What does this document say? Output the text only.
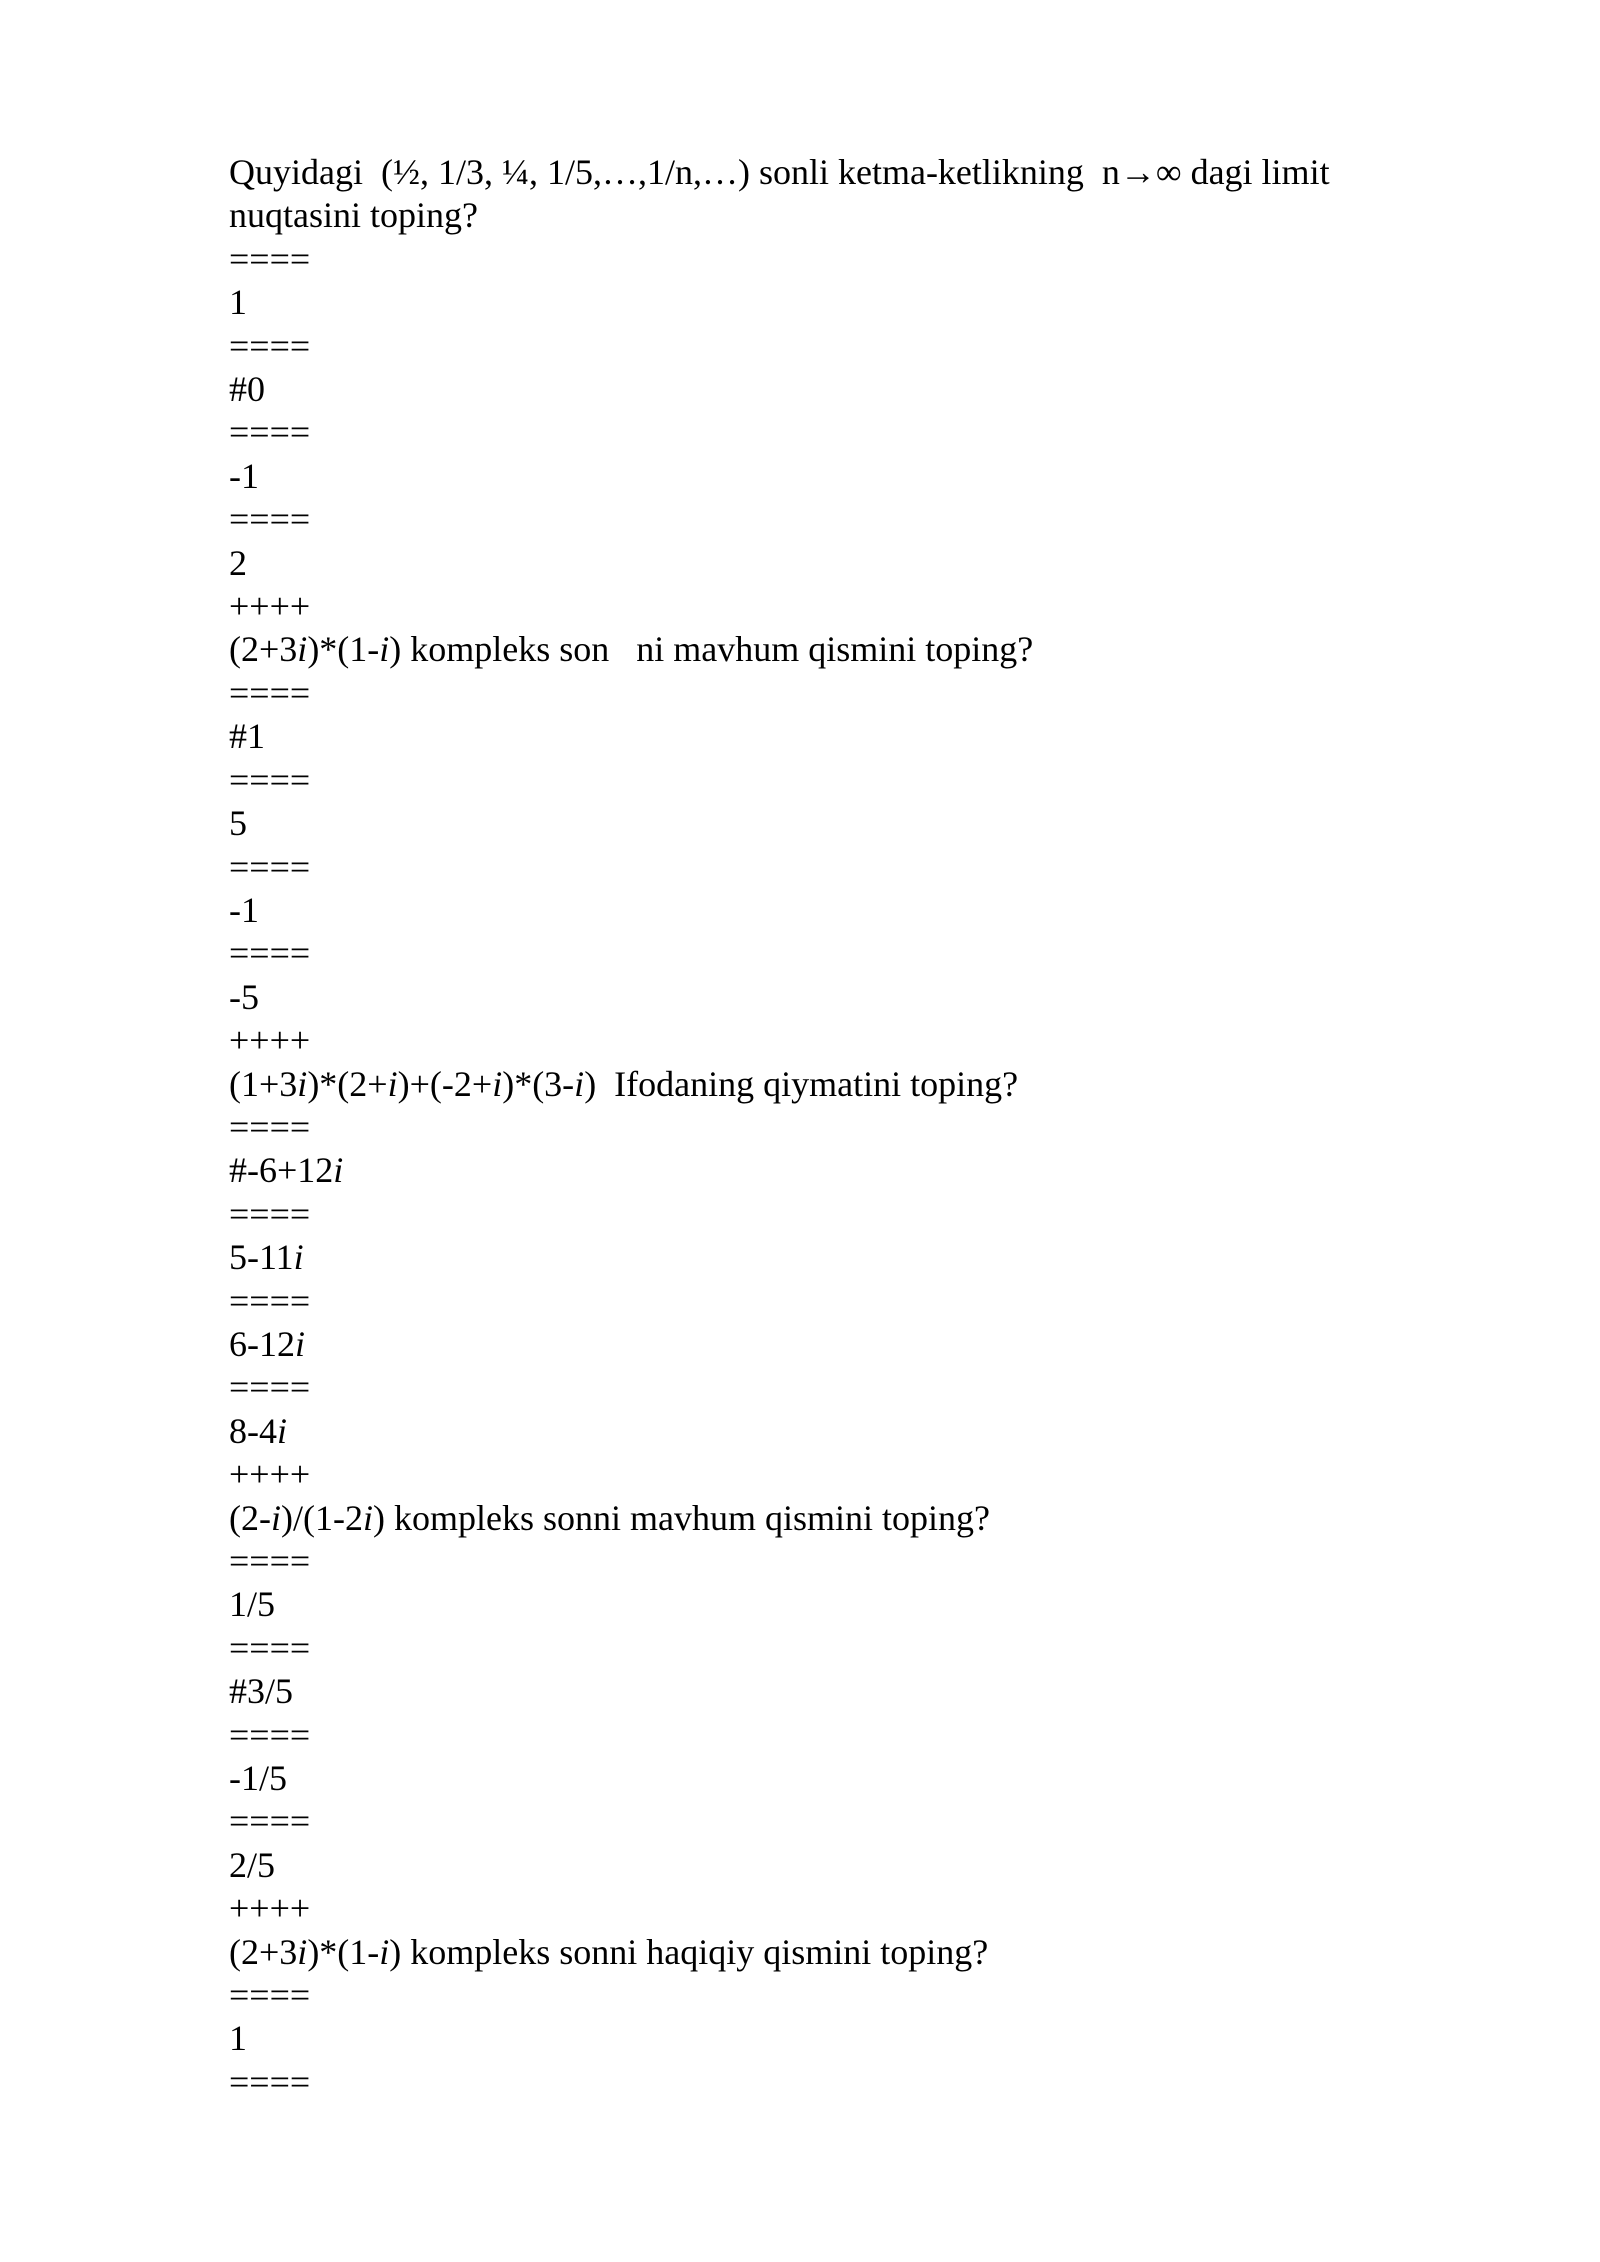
Quyidagi  (½, 1/3, ¼, 1/5,…,1/n,…) sonli ketma-ketlikning  n→∞ dagi limit nuqtasini toping?
====
1
====
#0
====
-1
====
2
++++
(2+3i)*(1-i) kompleks son   ni mavhum qismini toping?
====
#1
====
5
====
-1
====
-5
++++
(1+3i)*(2+i)+(-2+i)*(3-i)  Ifodaning qiymatini toping?
====
#-6+12i
====
5-11i
====
6-12i
====
8-4i
++++
(2-i)/(1-2i) kompleks sonni mavhum qismini toping?
====
1/5
====
#3/5
====
-1/5
====
2/5
++++
(2+3i)*(1-i) kompleks sonni haqiqiy qismini toping?
====
1
====
